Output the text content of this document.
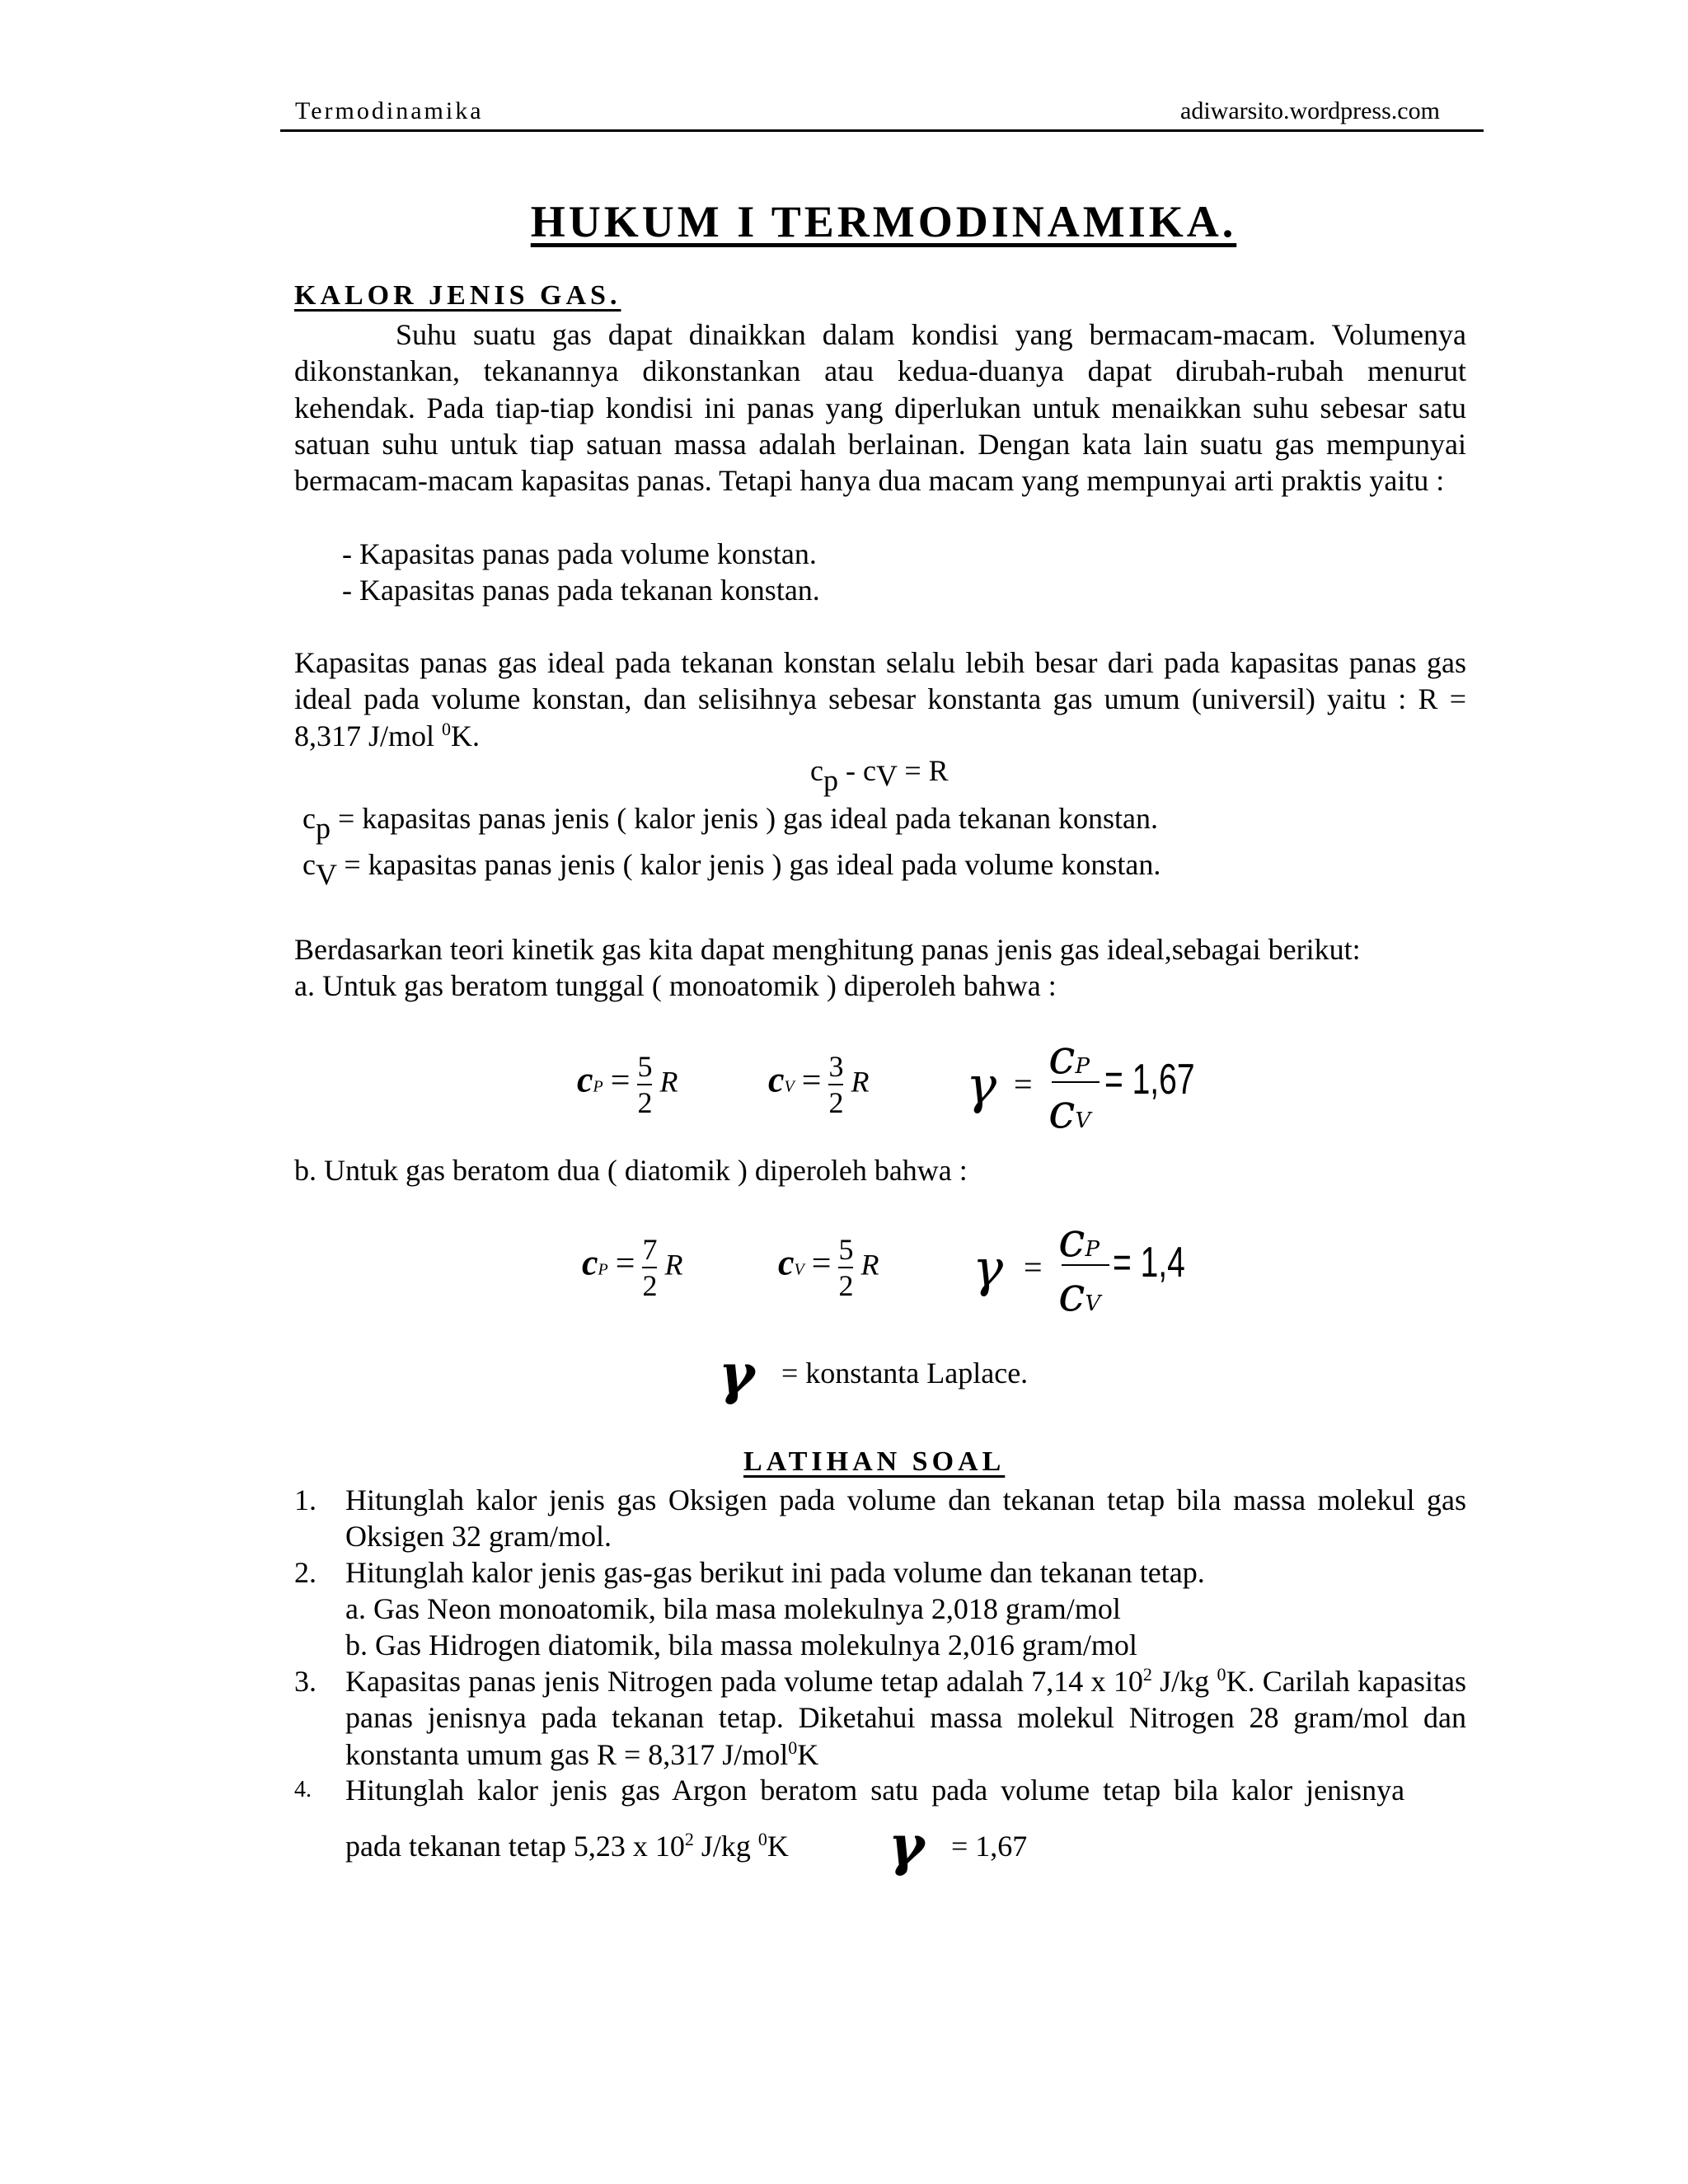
Termodinamika	adiwarsito.wordpress.com
HUKUM I TERMODINAMIKA.
KALOR JENIS GAS.
Suhu suatu gas dapat dinaikkan dalam kondisi yang bermacam-macam. Volumenya dikonstankan, tekanannya dikonstankan atau kedua-duanya dapat dirubah-rubah menurut kehendak. Pada tiap-tiap kondisi ini panas yang diperlukan untuk menaikkan suhu sebesar satu satuan suhu untuk tiap satuan massa adalah berlainan. Dengan kata lain suatu gas mempunyai bermacam-macam kapasitas panas. Tetapi hanya dua macam yang mempunyai arti praktis yaitu :
- Kapasitas panas pada volume konstan.
- Kapasitas panas pada tekanan konstan.
Kapasitas panas gas ideal pada tekanan konstan selalu lebih besar dari pada kapasitas panas gas ideal pada volume konstan, dan selisihnya sebesar konstanta gas umum (universil) yaitu : R = 8,317 J/mol $^0$K.
cp - cV = R
cp = kapasitas panas jenis ( kalor jenis ) gas ideal pada tekanan konstan.
cV = kapasitas panas jenis ( kalor jenis ) gas ideal pada volume konstan.
Berdasarkan teori kinetik gas kita dapat menghitung panas jenis gas ideal,sebagai berikut:
a. Untuk gas beratom tunggal ( monoatomik ) diperoleh bahwa :
cP = $\frac{5}{2}$ R cV = $\frac{3}{2}$ R γ = cP
cV
= 1,67
b. Untuk gas beratom dua ( diatomik ) diperoleh bahwa :
cP = $\frac{7}{2}$ R	cV = $\frac{5}{2}$ R γ = cP
cV
= 1,4
γ = konstanta Laplace.
LATIHAN SOAL
1. Hitunglah kalor jenis gas Oksigen pada volume dan tekanan tetap bila massa molekul gas Oksigen 32 gram/mol.
2. Hitunglah kalor jenis gas-gas berikut ini pada volume dan tekanan tetap.
a. Gas Neon monoatomik, bila masa molekulnya 2,018 gram/mol
b. Gas Hidrogen diatomik, bila massa molekulnya 2,016 gram/mol
3. Kapasitas panas jenis Nitrogen pada volume tetap adalah 7,14 x $10^2$ J/kg $^0$K. Carilah kapasitas panas jenisnya pada tekanan tetap. Diketahui massa molekul Nitrogen 28 gram/mol dan konstanta umum gas R = 8,317 J/mol$^0$K
4.	Hitunglah kalor jenis gas Argon beratom satu pada volume tetap bila kalor jenisnya
pada tekanan tetap 5,23 x $10^2$ J/kg $^0$K γ = 1,67
